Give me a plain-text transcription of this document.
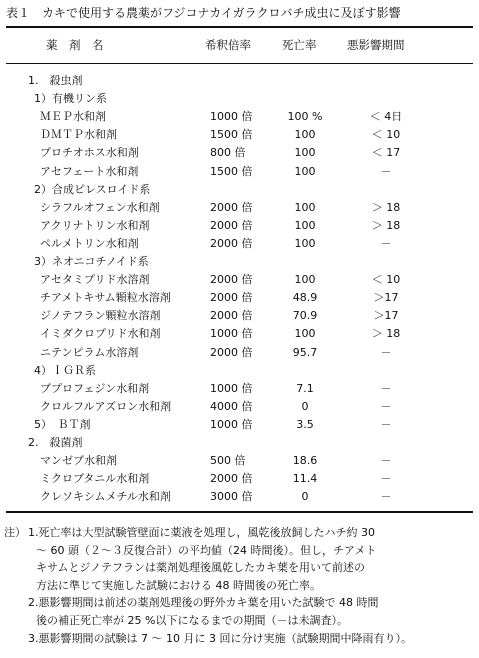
表１　カキで使用する農薬がフジコナカイガラクロバチ成虫に及ぼす影響
薬　剤　名	希釈倍率	死亡率	悪影響期間
1.　殺虫剤
1）有機リン系
ＭＥＰ水和剤	1000 倍	100 %	＜ 4日
ＤＭＴＰ水和剤	1500 倍	100	＜ 10
プロチオホス水和剤	800 倍	100	＜ 17
アセフェート水和剤	1500 倍	100	－
2）合成ピレスロイド系
シラフルオフェン水和剤	2000 倍	100	＞ 18
アクリナトリン水和剤	2000 倍	100	＞ 18
ペルメトリン水和剤	2000 倍	100	－
3）ネオニコチノイド系
アセタミプリド水溶剤	2000 倍	100	＜ 10
チアメトキサム顆粒水溶剤	2000 倍	48.9	＞17
ジノテフラン顆粒水溶剤	2000 倍	70.9	＞17
イミダクロプリド水和剤	1000 倍	100	＞ 18
ニテンピラム水溶剤	2000 倍	95.7	－
4）ＩＧＲ系
ブプロフェジン水和剤	1000 倍	7.1	－
クロルフルアズロン水和剤	4000 倍	0	－
5）　ＢＴ剤	1000 倍	3.5	－
2.　殺菌剤
マンゼブ水和剤	500 倍	18.6	－
ミクロブタニル水和剤	2000 倍	11.4	－
クレソキシムメチル水和剤	3000 倍	0	－
注） 1.死亡率は大型試験管壁面に薬液を処理し，風乾後放飼したハチ約 30
～ 60 頭（２～３反復合計）の平均値（24 時間後）。但し，チアメト
キサムとジノテフランは薬剤処理後風乾したカキ葉を用いて前述の
方法に準じて実施した試験における 48 時間後の死亡率。
2.悪影響期間は前述の薬剤処理後の野外カキ葉を用いた試験で 48 時間
後の補正死亡率が 25 %以下になるまでの期間（－は未調査）。
3.悪影響期間の試験は 7 ～ 10 月に 3 回に分け実施（試験期間中降雨有り）。
